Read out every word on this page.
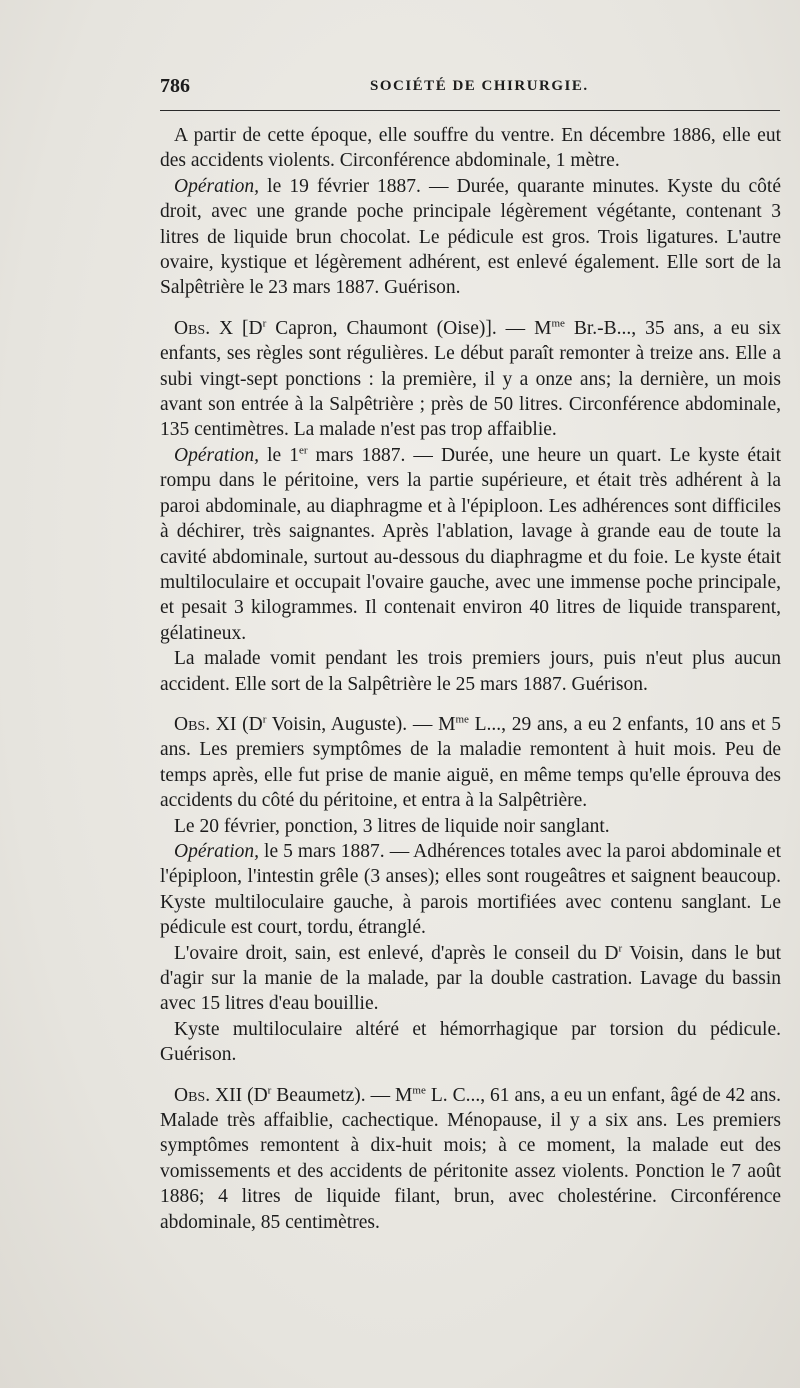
786	SOCIÉTÉ DE CHIRURGIE.

A partir de cette époque, elle souffre du ventre. En décembre 1886, elle eut des accidents violents. Circonférence abdominale, 1 mètre.

Opération, le 19 février 1887. — Durée, quarante minutes. Kyste du côté droit, avec une grande poche principale légèrement végétante, contenant 3 litres de liquide brun chocolat. Le pédicule est gros. Trois ligatures. L'autre ovaire, kystique et légèrement adhérent, est enlevé également. Elle sort de la Salpêtrière le 23 mars 1887. Guérison.

Obs. X [$D^r$ Capron, Chaumont (Oise)]. — $M^{me}$ Br.-B..., 35 ans, a eu six enfants, ses règles sont régulières. Le début paraît remonter à treize ans. Elle a subi vingt-sept ponctions : la première, il y a onze ans; la dernière, un mois avant son entrée à la Salpêtrière ; près de 50 litres. Circonférence abdominale, 135 centimètres. La malade n'est pas trop affaiblie.

Opération, le 1er mars 1887. — Durée, une heure un quart. Le kyste était rompu dans le péritoine, vers la partie supérieure, et était très adhérent à la paroi abdominale, au diaphragme et à l'épiploon. Les adhérences sont difficiles à déchirer, très saignantes. Après l'ablation, lavage à grande eau de toute la cavité abdominale, surtout au-dessous du diaphragme et du foie. Le kyste était multiloculaire et occupait l'ovaire gauche, avec une immense poche principale, et pesait 3 kilogrammes. Il contenait environ 40 litres de liquide transparent, gélatineux.

La malade vomit pendant les trois premiers jours, puis n'eut plus aucun accident. Elle sort de la Salpêtrière le 25 mars 1887. Guérison.

Obs. XI ($D^r$ Voisin, Auguste). — $M^{me}$ L..., 29 ans, a eu 2 enfants, 10 ans et 5 ans. Les premiers symptômes de la maladie remontent à huit mois. Peu de temps après, elle fut prise de manie aiguë, en même temps qu'elle éprouva des accidents du côté du péritoine, et entra à la Salpêtrière.

Le 20 février, ponction, 3 litres de liquide noir sanglant.

Opération, le 5 mars 1887. — Adhérences totales avec la paroi abdominale et l'épiploon, l'intestin grêle (3 anses); elles sont rougeâtres et saignent beaucoup. Kyste multiloculaire gauche, à parois mortifiées avec contenu sanglant. Le pédicule est court, tordu, étranglé.

L'ovaire droit, sain, est enlevé, d'après le conseil du $D^r$ Voisin, dans le but d'agir sur la manie de la malade, par la double castration. Lavage du bassin avec 15 litres d'eau bouillie.

Kyste multiloculaire altéré et hémorrhagique par torsion du pédicule. Guérison.

Obs. XII ($D^r$ Beaumetz). — $M^{me}$ L. C..., 61 ans, a eu un enfant, âgé de 42 ans. Malade très affaiblie, cachectique. Ménopause, il y a six ans. Les premiers symptômes remontent à dix-huit mois; à ce moment, la malade eut des vomissements et des accidents de péritonite assez violents. Ponction le 7 août 1886; 4 litres de liquide filant, brun, avec cholestérine. Circonférence abdominale, 85 centimètres.
